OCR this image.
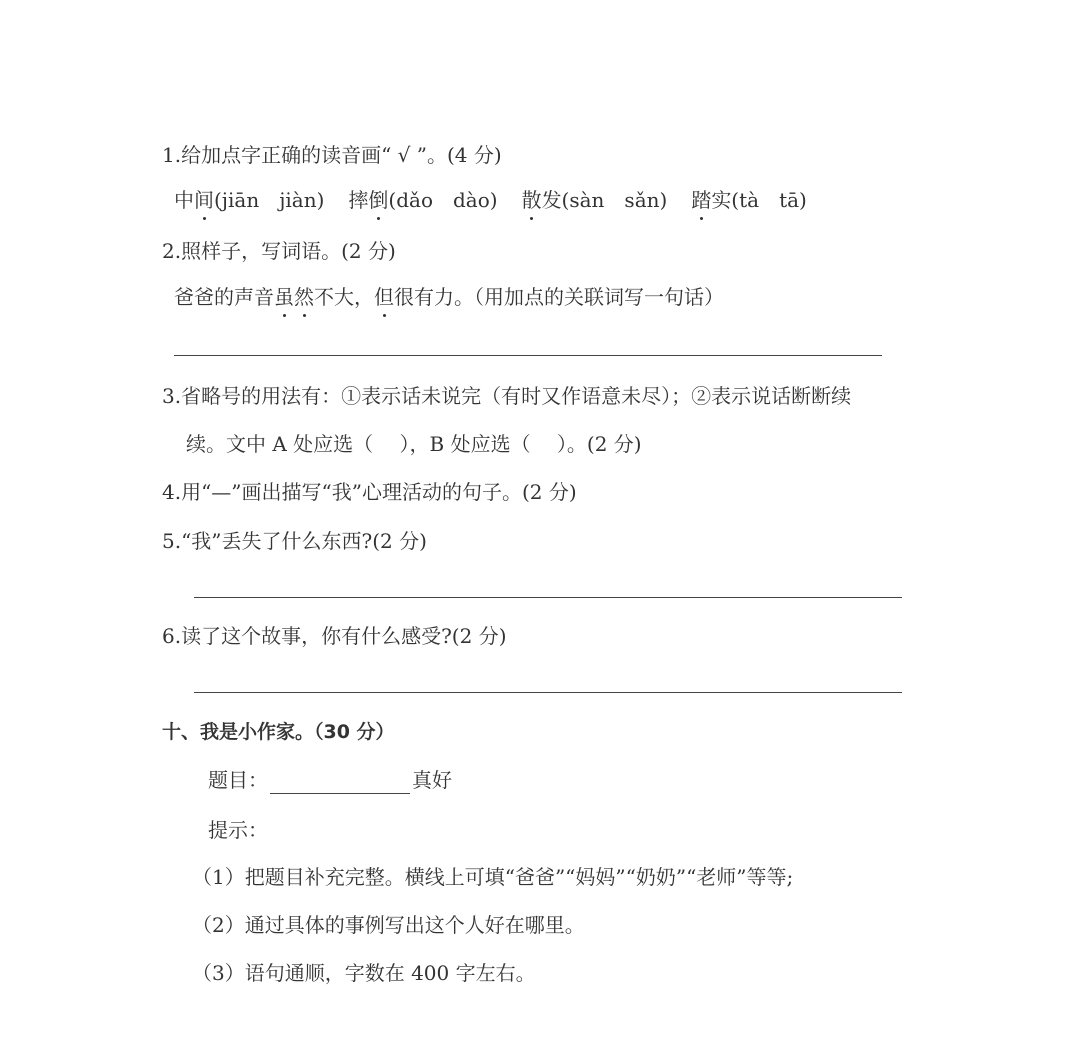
1.给加点字正确的读音画“ √ ”。(4 分)
中间(jiān　jiàn) 摔倒(dǎo　dào) 散发(sàn　sǎn) 踏实(tà　tā)
2.照样子，写词语。(2 分)
爸爸的声音虽然不大，但很有力。（用加点的关联词写一句话）
3.省略号的用法有：①表示话未说完（有时又作语意未尽）；②表示说话断断续
续。文中 A 处应选（　 ），B 处应选（　 ）。(2 分)
4.用“—”画出描写“我”心理活动的句子。(2 分)
5.“我”丢失了什么东西?(2 分)
6.读了这个故事，你有什么感受?(2 分)
十、我是小作家。（30 分）
题目：	真好
提示：
（1）把题目补充完整。横线上可填“爸爸”“妈妈”“奶奶”“老师”等等;
（2）通过具体的事例写出这个人好在哪里。
（3）语句通顺，字数在 400 字左右。
